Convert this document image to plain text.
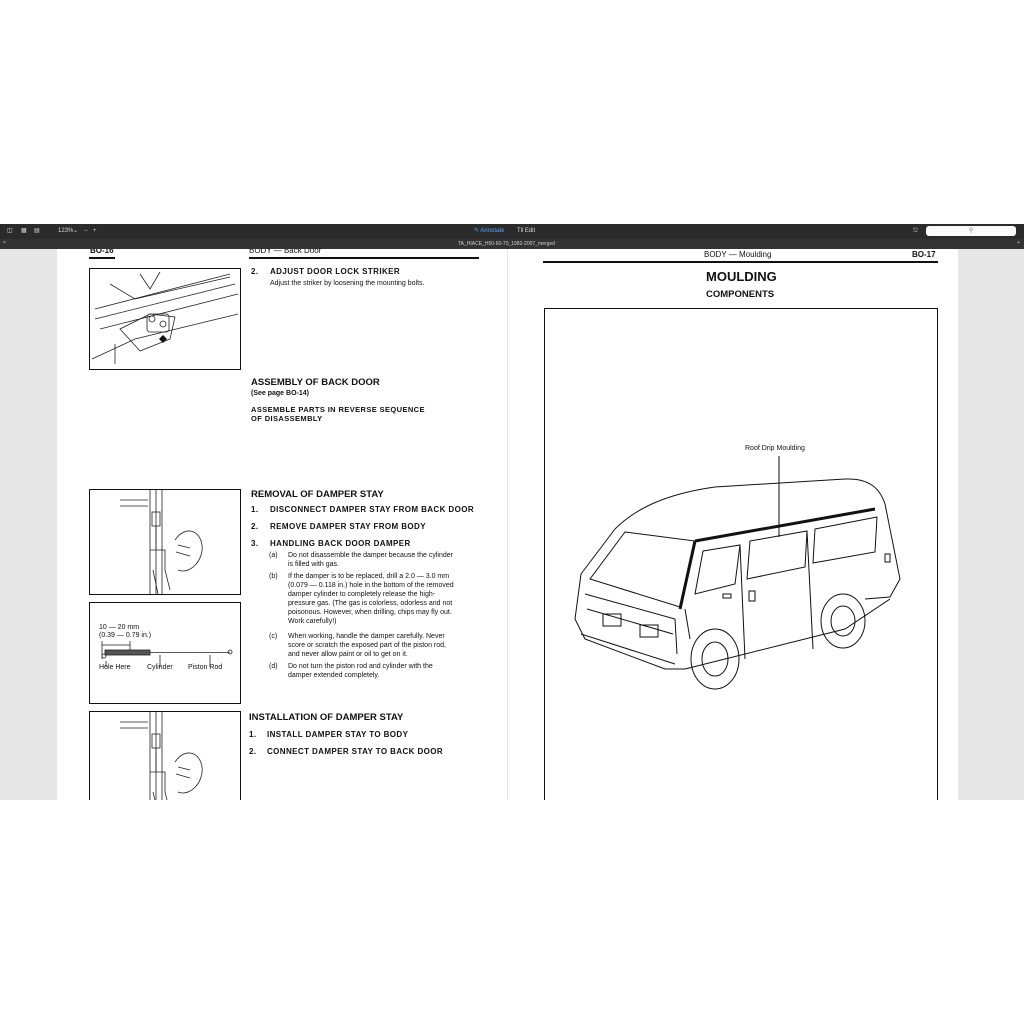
◫ ▦ ▤	123% ⌄ − +	✎ Annotate T‖ Edit	⎋	⚲
×	TA_HIACE_H50-60-70_1982-2007_merged	+
BO-16	BODY — Back Door
2. ADJUST DOOR LOCK STRIKER
Adjust the striker by loosening the mounting bolts.
ASSEMBLY OF BACK DOOR
(See page BO-14)
ASSEMBLE PARTS IN REVERSE SEQUENCE
OF DISASSEMBLY
REMOVAL OF DAMPER STAY
1. DISCONNECT DAMPER STAY FROM BACK DOOR
2. REMOVE DAMPER STAY FROM BODY
3. HANDLING BACK DOOR DAMPER
(a) Do not disassemble the damper because the cylinder
is filled with gas.
(b) If the damper is to be replaced, drill a 2.0 — 3.0 mm
(0.079 — 0.118 in.) hole in the bottom of the removed
damper cylinder to completely release the high-
pressure gas. (The gas is colorless, odorless and not
poisonous. However, when drilling, chips may fly out.
Work carefully!)
(c) When working, handle the damper carefully. Never
score or scratch the exposed part of the piston rod,
and never allow paint or oil to get on it.
(d) Do not turn the piston rod and cylinder with the
damper extended completely.
10 — 20 mm
(0.39 — 0.79 in.)
Hole Here Cylinder Piston Rod
INSTALLATION OF DAMPER STAY
1. INSTALL DAMPER STAY TO BODY
2. CONNECT DAMPER STAY TO BACK DOOR
BODY — Moulding	BO-17
MOULDING
COMPONENTS
Roof Drip Moulding
